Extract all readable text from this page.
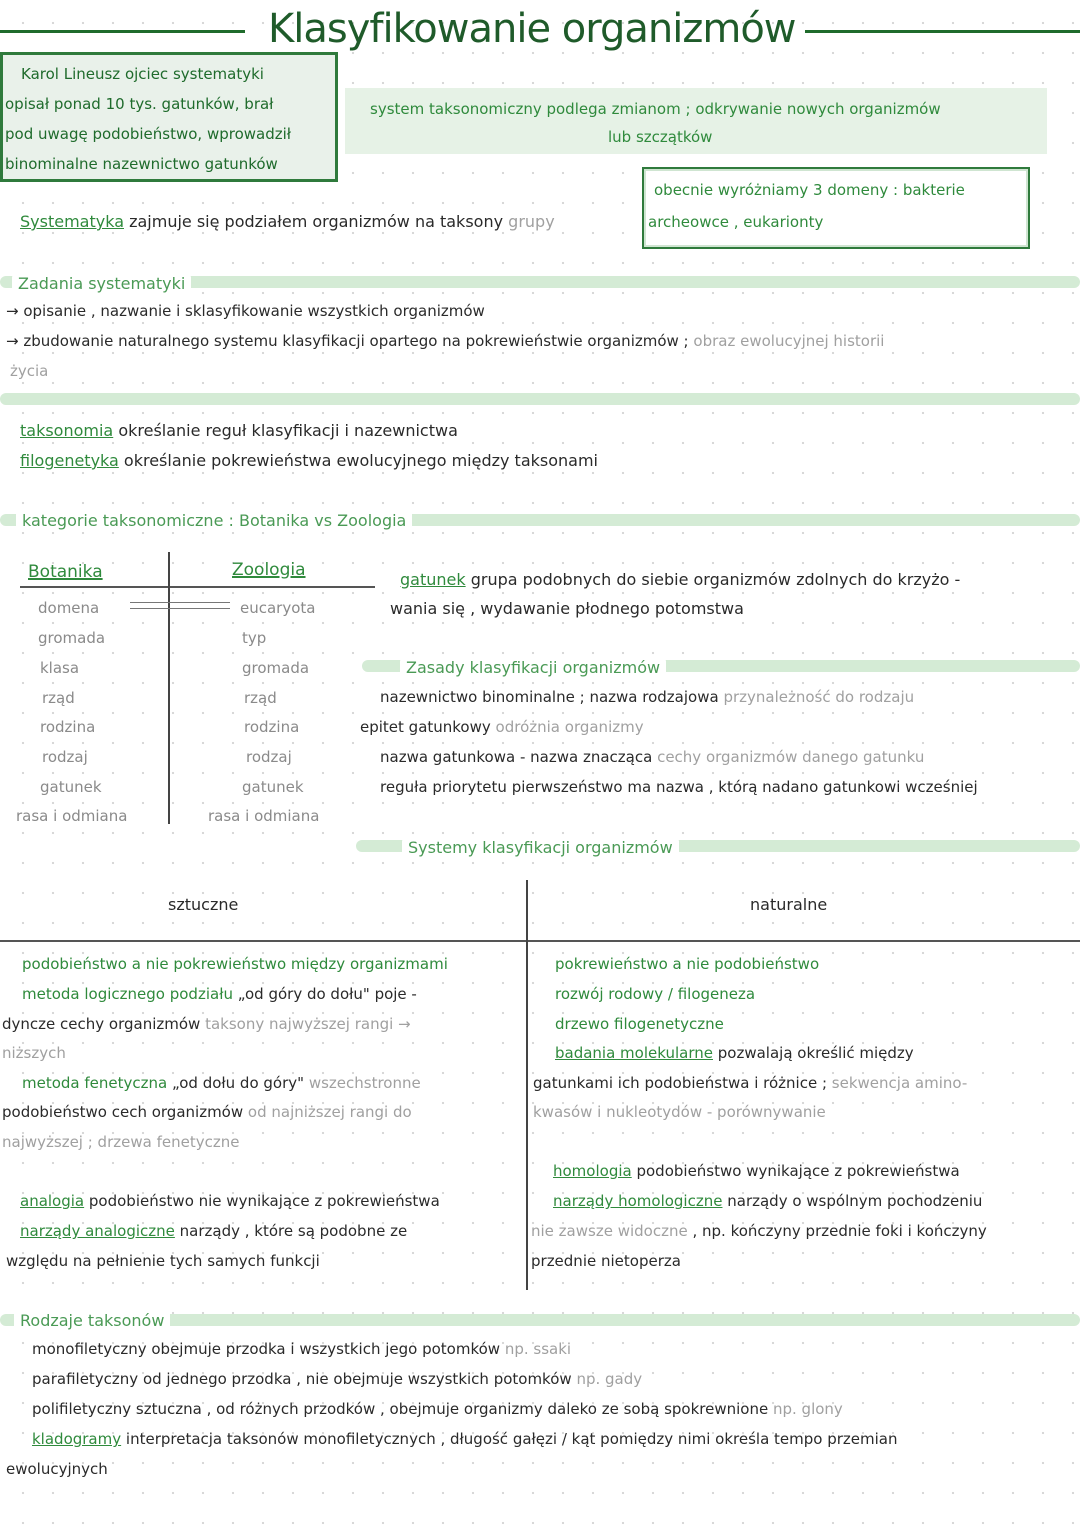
Klasyfikowanie organizmów
Karol Lineusz ojciec systematyki
opisał ponad 10 tys. gatunków, brał
pod uwagę podobieństwo, wprowadził
binominalne nazewnictwo gatunków
system taksonomiczny podlega zmianom ; odkrywanie nowych organizmów
lub szczątków
obecnie wyróżniamy 3 domeny : bakterie
archeowce , eukarionty
Systematyka zajmuje się podziałem organizmów na taksony grupy
Zadania systematyki
→ opisanie , nazwanie i sklasyfikowanie wszystkich organizmów
→ zbudowanie naturalnego systemu klasyfikacji opartego na pokrewieństwie organizmów ; obraz ewolucyjnej historii
życia
taksonomia określanie reguł klasyfikacji i nazewnictwa
filogenetyka określanie pokrewieństwa ewolucyjnego między taksonami
kategorie taksonomiczne : Botanika vs Zoologia
Botanika	Zoologia
domena
gromada
klasa
rząd
rodzina
rodzaj
gatunek
rasa i odmiana
eucaryota
typ
gromada
rząd
rodzina
rodzaj
gatunek
rasa i odmiana
gatunek grupa podobnych do siebie organizmów zdolnych do krzyżo -
wania się , wydawanie płodnego potomstwa
Zasady klasyfikacji organizmów
nazewnictwo binominalne ; nazwa rodzajowa przynależność do rodzaju
epitet gatunkowy odróżnia organizmy
nazwa gatunkowa - nazwa znacząca cechy organizmów danego gatunku
reguła priorytetu pierwszeństwo ma nazwa , którą nadano gatunkowi wcześniej
Systemy klasyfikacji organizmów
sztuczne	naturalne
podobieństwo a nie pokrewieństwo między organizmami
metoda logicznego podziału „od góry do dołu" poje -
dyncze cechy organizmów taksony najwyższej rangi →
niższych
metoda fenetyczna „od dołu do góry" wszechstronne
podobieństwo cech organizmów od najniższej rangi do
najwyższej ; drzewa fenetyczne
analogia podobieństwo nie wynikające z pokrewieństwa
narządy analogiczne narządy , które są podobne ze
względu na pełnienie tych samych funkcji
pokrewieństwo a nie podobieństwo
rozwój rodowy / filogeneza
drzewo filogenetyczne
badania molekularne pozwalają określić między
gatunkami ich podobieństwa i różnice ; sekwencja amino-
kwasów i nukleotydów - porównywanie
homologia podobieństwo wynikające z pokrewieństwa
narządy homologiczne narządy o wspólnym pochodzeniu
nie zawsze widoczne , np. kończyny przednie foki i kończyny
przednie nietoperza
Rodzaje taksonów
monofiletyczny obejmuje przodka i wszystkich jego potomków np. ssaki
parafiletyczny od jednego przodka , nie obejmuje wszystkich potomków np. gady
polifiletyczny sztuczna , od różnych przodków , obejmuje organizmy daleko ze sobą spokrewnione np. glony
kladogramy interpretacja taksonów monofiletycznych , długość gałęzi / kąt pomiędzy nimi określa tempo przemian
ewolucyjnych
